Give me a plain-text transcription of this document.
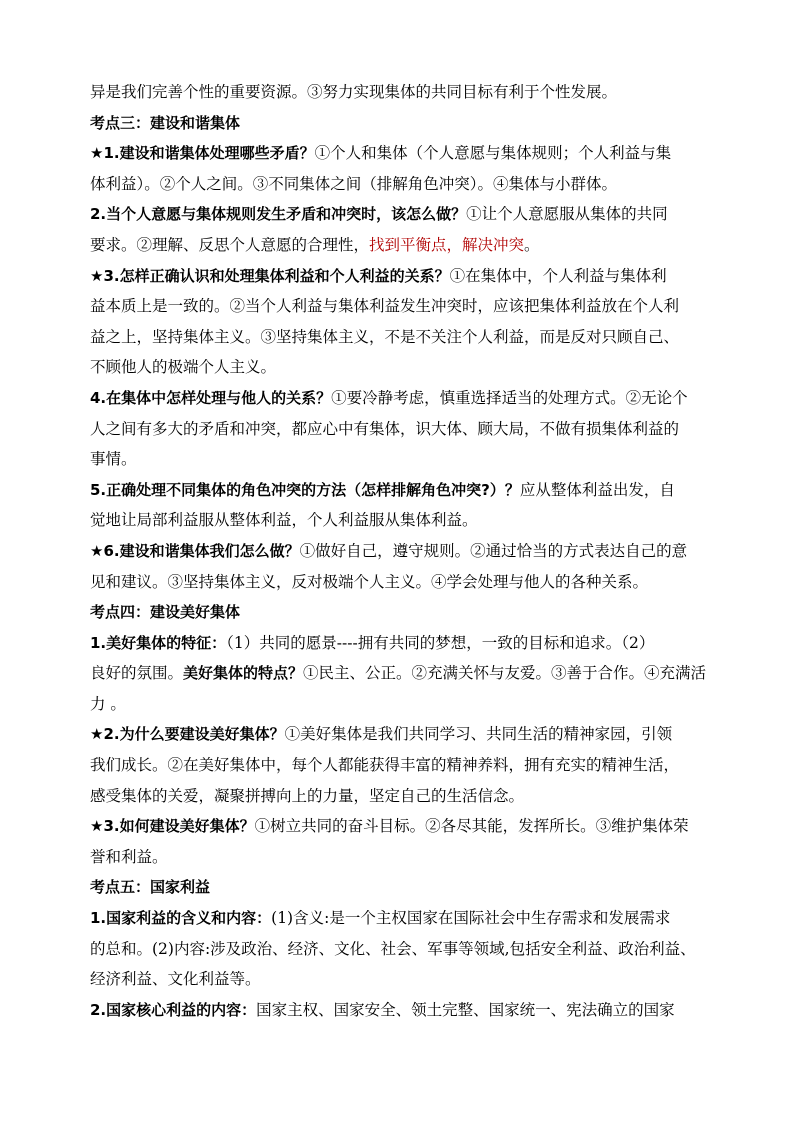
异是我们完善个性的重要资源。③努力实现集体的共同目标有利于个性发展。
考点三：建设和谐集体
★1.建设和谐集体处理哪些矛盾？①个人和集体（个人意愿与集体规则；个人利益与集
体利益）。②个人之间。③不同集体之间（排解角色冲突）。④集体与小群体。
2.当个人意愿与集体规则发生矛盾和冲突时，该怎么做？①让个人意愿服从集体的共同
要求。②理解、反思个人意愿的合理性，找到平衡点，解决冲突。
★3.怎样正确认识和处理集体利益和个人利益的关系？①在集体中，个人利益与集体利
益本质上是一致的。②当个人利益与集体利益发生冲突时，应该把集体利益放在个人利
益之上，坚持集体主义。③坚持集体主义，不是不关注个人利益，而是反对只顾自己、
不顾他人的极端个人主义。
4.在集体中怎样处理与他人的关系？①要冷静考虑，慎重选择适当的处理方式。②无论个
人之间有多大的矛盾和冲突，都应心中有集体，识大体、顾大局，不做有损集体利益的
事情。
5.正确处理不同集体的角色冲突的方法（怎样排解角色冲突?）？应从整体利益出发，自
觉地让局部利益服从整体利益，个人利益服从集体利益。
★6.建设和谐集体我们怎么做？①做好自己，遵守规则。②通过恰当的方式表达自己的意
见和建议。③坚持集体主义，反对极端个人主义。④学会处理与他人的各种关系。
考点四：建设美好集体
1.美好集体的特征：（1）共同的愿景----拥有共同的梦想，一致的目标和追求。（2）
良好的氛围。美好集体的特点？①民主、公正。②充满关怀与友爱。③善于合作。④充满活
力 。
★2.为什么要建设美好集体？①美好集体是我们共同学习、共同生活的精神家园，引领
我们成长。②在美好集体中，每个人都能获得丰富的精神养料，拥有充实的精神生活，
感受集体的关爱，凝聚拼搏向上的力量，坚定自己的生活信念。
★3.如何建设美好集体？①树立共同的奋斗目标。②各尽其能，发挥所长。③维护集体荣
誉和利益。
考点五：国家利益
1.国家利益的含义和内容：(1)含义:是一个主权国家在国际社会中生存需求和发展需求
的总和。(2)内容:涉及政治、经济、文化、社会、军事等领域,包括安全利益、政治利益、
经济利益、文化利益等。
2.国家核心利益的内容：国家主权、国家安全、领土完整、国家统一、宪法确立的国家
